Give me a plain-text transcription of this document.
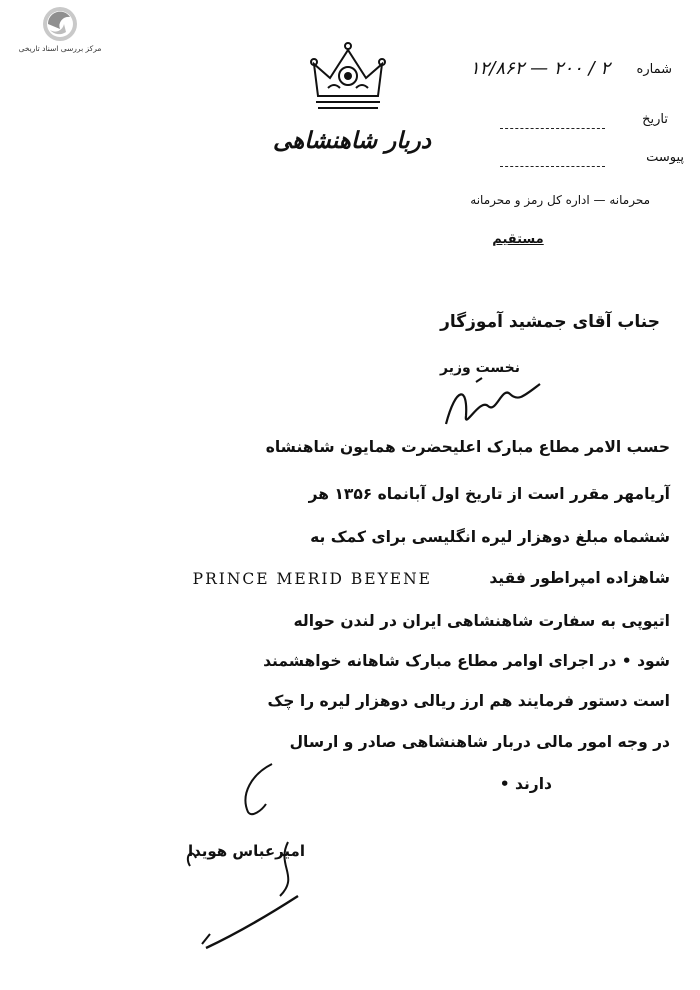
مرکز بررسی اسناد تاریخی
دربار شاهنشاهی
شماره
۱۲/۸۶۲ — ۲۰۰ / ۲
تاریخ
پیوست
محرمانه — اداره کل رمز و محرمانه
مستقیم
جناب آقای جمشید آموزگار
نخست وزیر
حسب الامر مطاع مبارک اعلیحضرت همایون شاهنشاه
آریامهر مقرر است از تاریخ اول آبانماه ۱۳۵۶ هر
ششماه مبلغ دوهزار لیره انگلیسی برای کمک به
شاهزاده امپراطور فقید
PRINCE MERID BEYENE
اتیوپی به سفارت شاهنشاهی ایران در لندن حواله
شود • در اجرای اوامر مطاع مبارک شاهانه خواهشمند
است دستور فرمایند هم ارز ریالی دوهزار لیره را چک
در وجه امور مالی دربار شاهنشاهی صادر و ارسال
دارند •
امیرعباس هویدا
